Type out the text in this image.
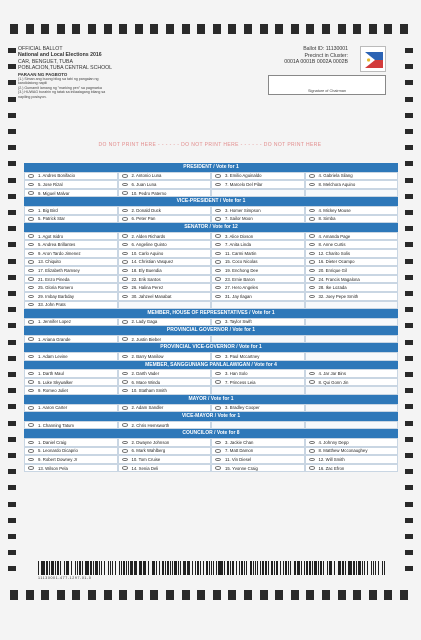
OFFICIAL BALLOT
National and Local Elections 2016
CAR, BENGUET, TUBA
POBLACION,TUBA CENTRAL SCHOOL
PARAAN NG PAGBOTO
(1.) Siman ang buong bilog sa tabi ng pangalan ng
kandidatong napili
(2.) Gumamit lamang ng "marking pen" sa pagmarka
(3.) HUWAG burahin ng tatak sa inilaalagang bilang sa
napiling posisyon.
Ballot ID: 11130001
Precinct in Cluster:
0001A 0001B 0002A 0002B
Signature of Chairman
DO NOT PRINT HERE - - - - - - DO NOT PRINT HERE - - - - - - DO NOT PRINT HERE
PRESIDENT / Vote for 1
1. Andres Bonifacio	2. Antonio Luna	3. Emilio Aguinaldo	4. Gabriela Silang
5. Jose Rizal	6. Juan Luna	7. Marcelo Del Pilar	8. Melchora Aquino
9. Miguel Malvar	10. Pedro Paterno
VICE-PRESIDENT / Vote for 1
1. Big Bird	2. Donald Duck	3. Homer Simpson	4. Mickey Mouse
5. Patrick Star	6. Peter Pan	7. Sailor Moon	8. Simba
SENATOR / Vote for 12
1. Agot Isidro	2. Alden Richards	3. Alice Dixson	4. Amanda Page
5. Andrea Brillantes	6. Angeline Quinto	7. Anita Linda	8. Anne Curtis
9. Aron Tardo Jimenez	10. Carlo Aquino	11. Carmi Martin	12. Charito Solis
13. Chiquito	14. Christian Vasquez	15. Coco Nicolas	16. Dieter Ocampo
17. Elizabeth Ramsey	18. Ely Buendia	19. Enchong Dee	20. Enrique Gil
21. Enzo Pineda	22. Erik Santos	23. Ernie Baron	24. Francis Magalona
25. Gloria Romero	26. Halina Perez	27. Hero Angeles	28. Ike Lozada
29. Imbay Barbday	30. Jahzeel Manabat	31. Jay Ilagan	32. Joey Pepe Smith
33. John Prats
MEMBER, HOUSE OF REPRESENTATIVES / Vote for 1
1. Jennifer Lopez	2. Lady Gaga	3. Taylor Swift
PROVINCIAL GOVERNOR / Vote for 1
1. Ariana Grande	2. Justin Bieber
PROVINCIAL VICE-GOVERNOR / Vote for 1
1. Adam Levine	2. Barry Manilow	3. Paul Mccartney
MEMBER, SANGGUNIANG PANLALAWIGAN / Vote for 4
1. Darth Maul	2. Darth Vader	3. Han Solo	4. Jar Jar Bins
5. Luke Skywalker	6. Mace Windu	7. Princess Leia	8. Qui Gonn Jin
9. Romeo Juliet	10. Statham Smith
MAYOR / Vote for 1
1. Aaron Carter	2. Adam Sandler	3. Bradley Cooper
VICE-MAYOR / Vote for 1
1. Channing Tatum	2. Chris Hemsworth
COUNCILOR / Vote for 8
1. Daniel Craig	2. Dwayne Johnson	3. Jackie Chan	4. Johnny Depp
5. Leonardo Dicaprio	6. Mark Wahlberg	7. Matt Damon	8. Matthew Mcconaughey
9. Robert Downey Jr	10. Tom Cruise	11. Vin Diesel	12. Will Smith
13. Wilson Pela	14. Xenia Deli	15. Yvonne Craig	16. Zac Efron
11130001-477-1297-01-0
